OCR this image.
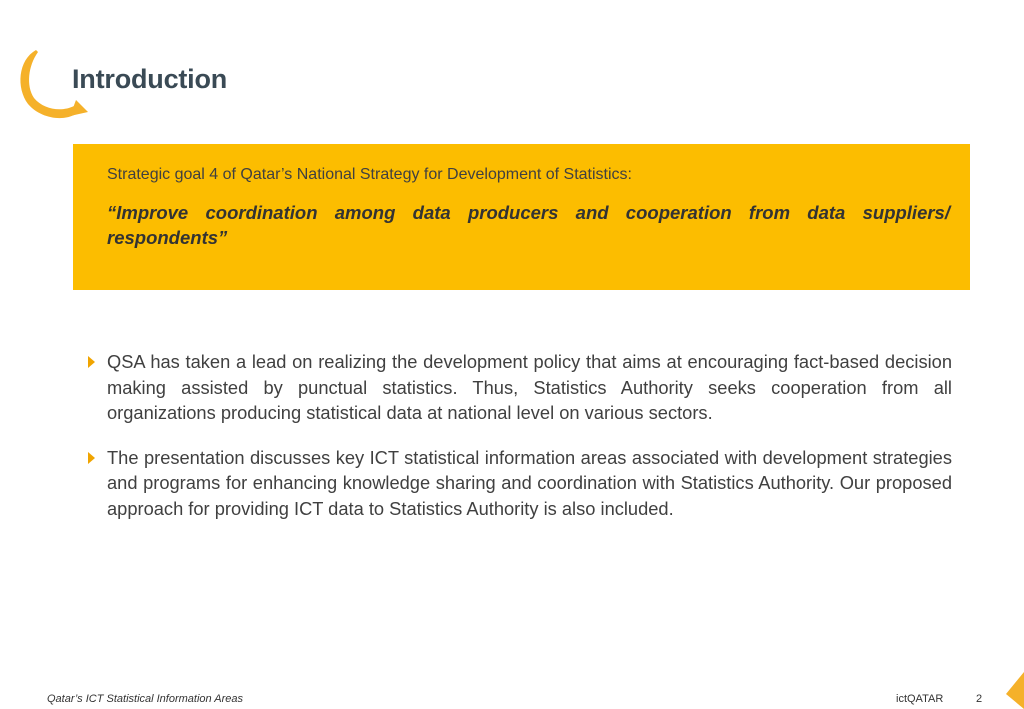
Introduction

Strategic goal 4 of Qatar’s National Strategy for Development of Statistics:

“Improve coordination among data producers and cooperation from data suppliers/ respondents”

QSA has taken a lead on realizing the development policy that aims at encouraging fact-based decision making assisted by punctual statistics. Thus, Statistics Authority seeks cooperation from all organizations producing statistical data at national level on various sectors.
The presentation discusses key ICT statistical information areas associated with development strategies and programs for enhancing knowledge sharing and coordination with Statistics Authority. Our proposed approach for providing ICT data to Statistics Authority is also included.
Qatar’s ICT Statistical Information Areas	ictQATAR	2
